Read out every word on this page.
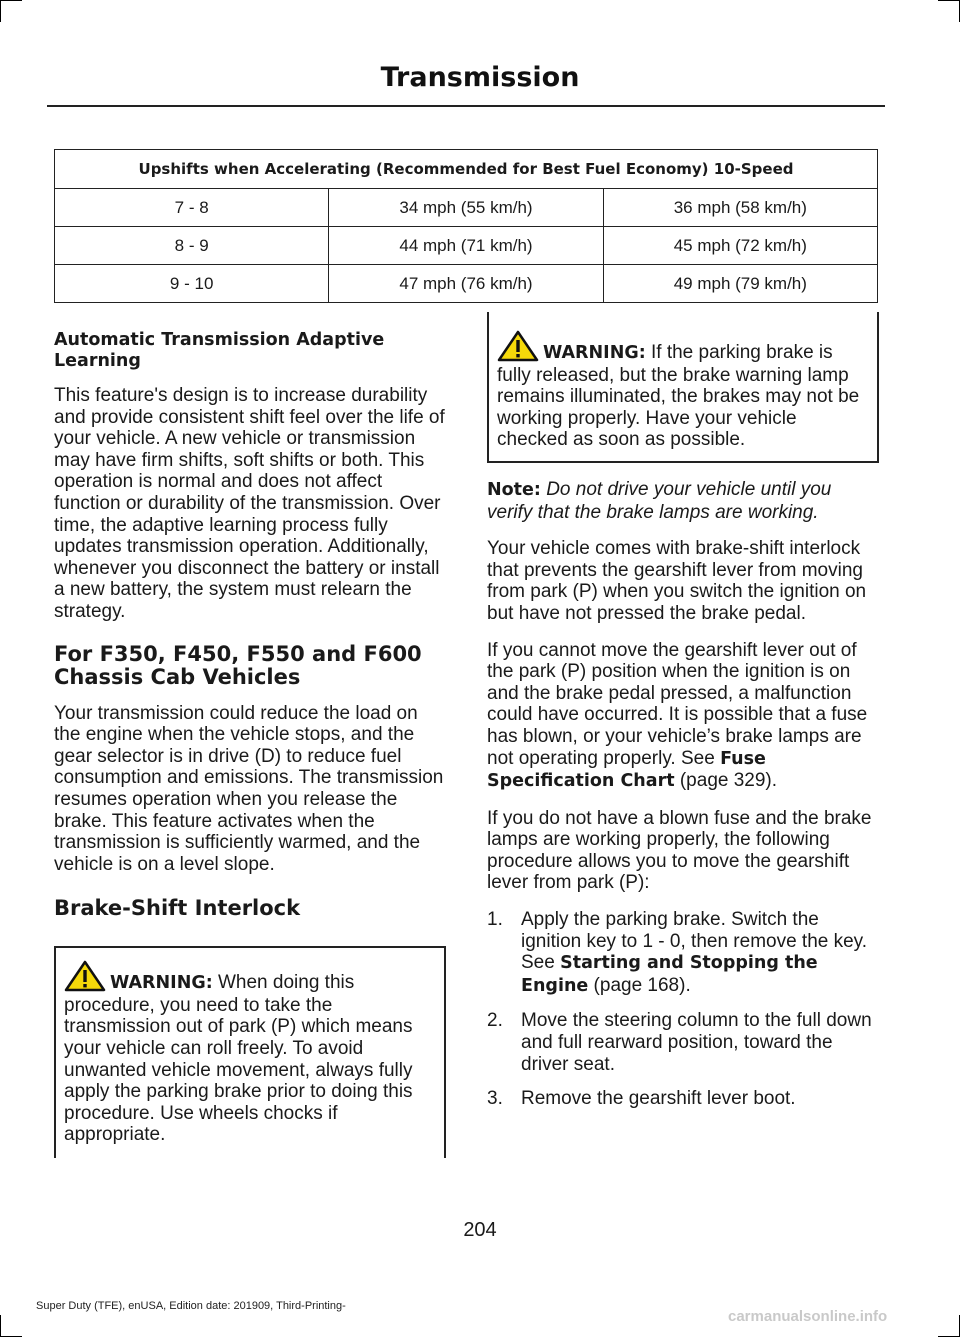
Transmission
Upshifts when Accelerating (Recommended for Best Fuel Economy) 10-Speed		
7 - 8	34 mph (55 km/h)	36 mph (58 km/h)
8 - 9	44 mph (71 km/h)	45 mph (72 km/h)
9 - 10	47 mph (76 km/h)	49 mph (79 km/h)
Automatic Transmission Adaptive Learning

This feature's design is to increase durability and provide consistent shift feel over the life of your vehicle. A new vehicle or transmission may have firm shifts, soft shifts or both. This operation is normal and does not affect function or durability of the transmission. Over time, the adaptive learning process fully updates transmission operation. Additionally, whenever you disconnect the battery or install a new battery, the system must relearn the strategy.

For F350, F450, F550 and F600 Chassis Cab Vehicles

Your transmission could reduce the load on the engine when the vehicle stops, and the gear selector is in drive (D) to reduce fuel consumption and emissions. The transmission resumes operation when you release the brake. This feature activates when the transmission is sufficiently warmed, and the vehicle is on a level slope.

Brake-Shift Interlock
WARNING: When doing this procedure, you need to take the transmission out of park (P) which means your vehicle can roll freely. To avoid unwanted vehicle movement, always fully apply the parking brake prior to doing this procedure. Use wheels chocks if appropriate.
WARNING: If the parking brake is fully released, but the brake warning lamp remains illuminated, the brakes may not be working properly. Have your vehicle checked as soon as possible.

Note: Do not drive your vehicle until you verify that the brake lamps are working.

Your vehicle comes with brake-shift interlock that prevents the gearshift lever from moving from park (P) when you switch the ignition on but have not pressed the brake pedal.

If you cannot move the gearshift lever out of the park (P) position when the ignition is on and the brake pedal pressed, a malfunction could have occurred. It is possible that a fuse has blown, or your vehicle’s brake lamps are not operating properly. See Fuse Specification Chart (page 329).

If you do not have a blown fuse and the brake lamps are working properly, the following procedure allows you to move the gearshift lever from park (P):

1. Apply the parking brake. Switch the ignition key to 1 - 0, then remove the key. See Starting and Stopping the Engine (page 168).
2. Move the steering column to the full down and full rearward position, toward the driver seat.
3. Remove the gearshift lever boot.
204
Super Duty (TFE), enUSA, Edition date: 201909, Third-Printing-
carmanualsonline.info
